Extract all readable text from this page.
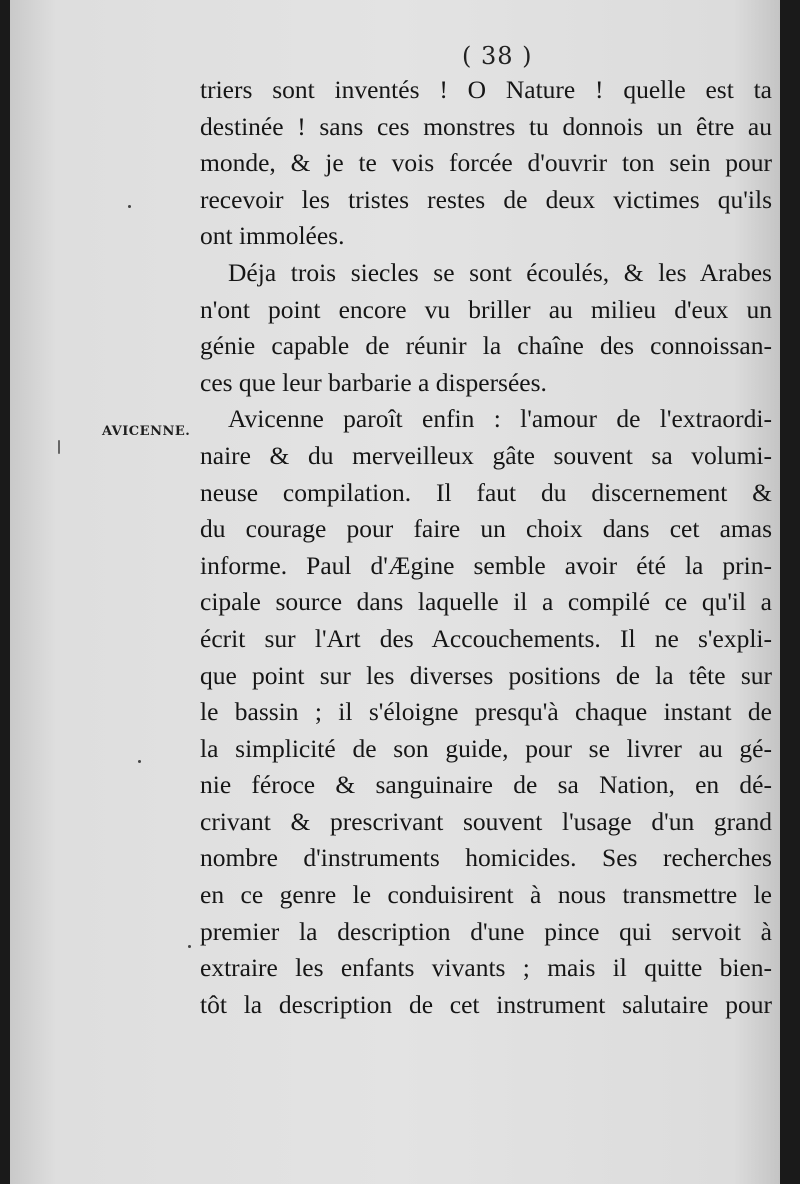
( 38 )
AVICENNE.
triers sont inventés ! O Nature ! quelle est ta
destinée ! sans ces monstres tu donnois un être au
monde, & je te vois forcée d'ouvrir ton sein pour
recevoir les tristes restes de deux victimes qu'ils
ont immolées.
Déja trois siecles se sont écoulés, & les Arabes
n'ont point encore vu briller au milieu d'eux un
génie capable de réunir la chaîne des connoissan-
ces que leur barbarie a dispersées.
Avicenne paroît enfin : l'amour de l'extraordi-
naire & du merveilleux gâte souvent sa volumi-
neuse compilation. Il faut du discernement &
du courage pour faire un choix dans cet amas
informe. Paul d'Ægine semble avoir été la prin-
cipale source dans laquelle il a compilé ce qu'il a
écrit sur l'Art des Accouchements. Il ne s'expli-
que point sur les diverses positions de la tête sur
le bassin ; il s'éloigne presqu'à chaque instant de
la simplicité de son guide, pour se livrer au gé-
nie féroce & sanguinaire de sa Nation, en dé-
crivant & prescrivant souvent l'usage d'un grand
nombre d'instruments homicides. Ses recherches
en ce genre le conduisirent à nous transmettre le
premier la description d'une pince qui servoit à
extraire les enfants vivants ; mais il quitte bien-
tôt la description de cet instrument salutaire pour
